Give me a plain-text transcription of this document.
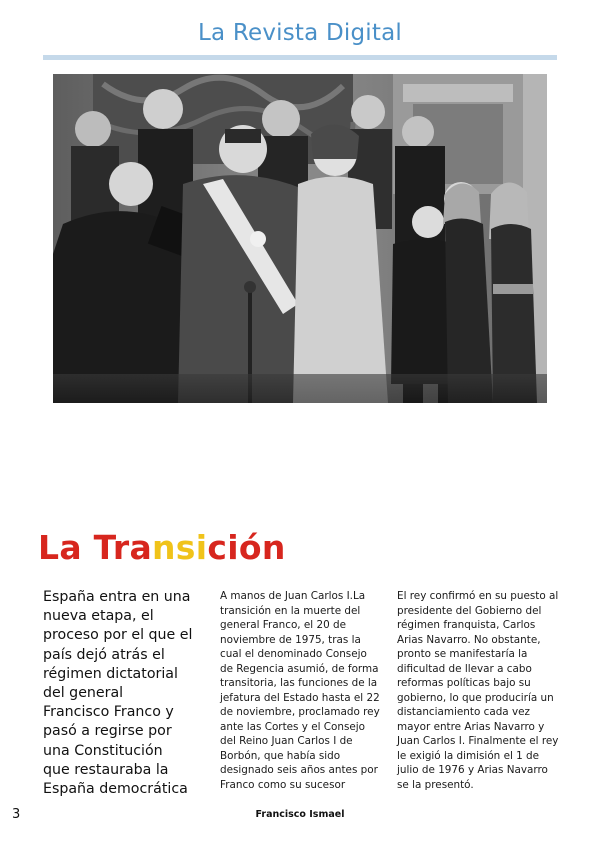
La Revista Digital
La Transición

España entra en una nueva etapa, el proceso por el que el país dejó atrás el régimen dictatorial del general Francisco Franco y pasó a regirse por una Constitución que restauraba la España democrática

A manos de Juan Carlos I.La transición en la muerte del general Franco, el 20 de noviembre de 1975, tras la cual el denominado Consejo de Regencia asumió, de forma transitoria, las funciones de la jefatura del Estado hasta el 22 de noviembre, proclamado rey ante las Cortes y el Consejo del Reino Juan Carlos I de Borbón, que había sido designado seis años antes por Franco como su sucesor

El rey confirmó en su puesto al presidente del Gobierno del régimen franquista, Carlos Arias Navarro. No obstante, pronto se manifestaría la dificultad de llevar a cabo reformas políticas bajo su gobierno, lo que produciría un distanciamiento cada vez mayor entre Arias Navarro y Juan Carlos I. Finalmente el rey le exigió la dimisión el 1 de julio de 1976 y Arias Navarro se la presentó.

3	Francisco Ismael
